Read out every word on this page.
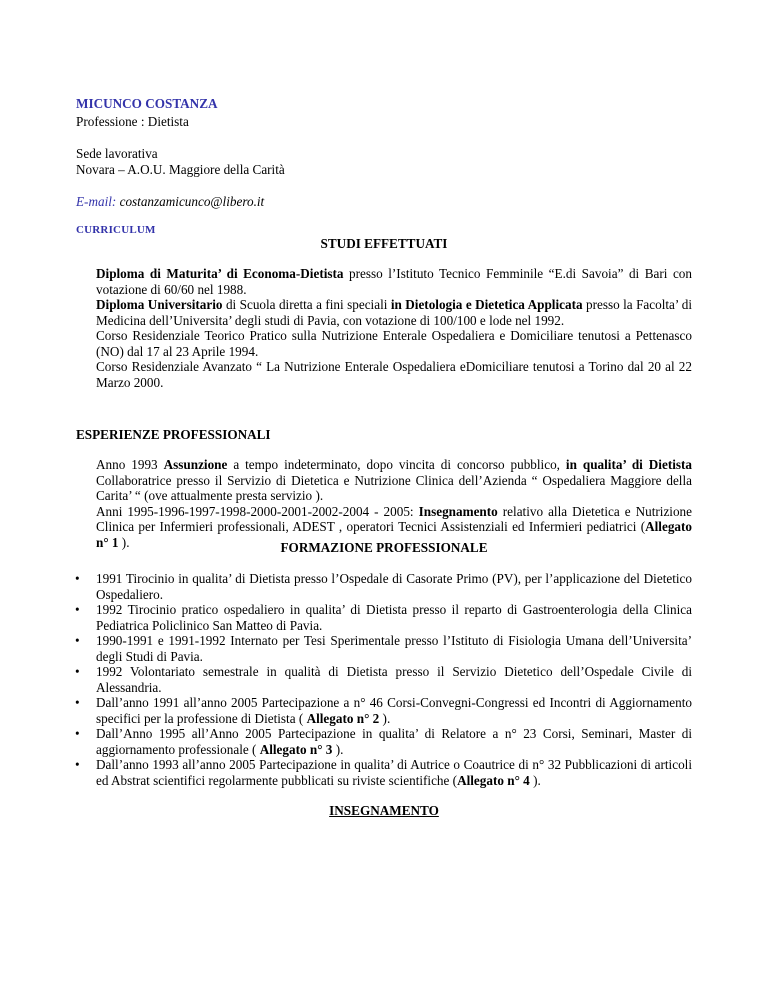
MICUNCO COSTANZA
Professione : Dietista
Sede lavorativa
Novara – A.O.U. Maggiore della Carità
E-mail: costanzamicunco@libero.it
CURRICULUM
STUDI EFFETTUATI

Diploma di Maturita’ di Economa-Dietista presso l’Istituto Tecnico Femminile “E.di Savoia” di Bari con votazione di 60/60 nel 1988.

Diploma Universitario di Scuola diretta a fini speciali in Dietologia e Dietetica Applicata presso la Facolta’ di Medicina dell’Universita’ degli studi di Pavia, con votazione di 100/100 e lode nel 1992.

Corso Residenziale Teorico Pratico sulla Nutrizione Enterale Ospedaliera e Domiciliare tenutosi a Pettenasco (NO) dal 17 al 23 Aprile 1994.

Corso Residenziale Avanzato “ La Nutrizione Enterale Ospedaliera eDomiciliare tenutosi a Torino dal 20 al 22 Marzo 2000.

ESPERIENZE PROFESSIONALI

Anno 1993 Assunzione a tempo indeterminato, dopo vincita di concorso pubblico, in qualita’ di Dietista Collaboratrice presso il Servizio di Dietetica e Nutrizione Clinica dell’Azienda “ Ospedaliera Maggiore della Carita’ “ (ove attualmente presta servizio ).

Anni 1995-1996-1997-1998-2000-2001-2002-2004 - 2005: Insegnamento relativo alla Dietetica e Nutrizione Clinica per Infermieri professionali, ADEST , operatori Tecnici Assistenziali ed Infermieri pediatrici (Allegato n° 1 ).	FORMAZIONE PROFESSIONALE
• 1991 Tirocinio in qualita’ di Dietista presso l’Ospedale di Casorate Primo (PV), per l’applicazione del Dietetico Ospedaliero.
• 1992 Tirocinio pratico ospedaliero in qualita’ di Dietista presso il reparto di Gastroenterologia della Clinica Pediatrica Policlinico San Matteo di Pavia.
• 1990-1991 e 1991-1992 Internato per Tesi Sperimentale presso l’Istituto di Fisiologia Umana dell’Universita’ degli Studi di Pavia.
• 1992 Volontariato semestrale in qualità di Dietista presso il Servizio Dietetico dell’Ospedale Civile di Alessandria.
• Dall’anno 1991 all’anno 2005 Partecipazione a n° 46 Corsi-Convegni-Congressi ed Incontri di Aggiornamento specifici per la professione di Dietista ( Allegato n° 2 ).
• Dall’Anno 1995 all’Anno 2005 Partecipazione in qualita’ di Relatore a n° 23 Corsi, Seminari, Master di aggiornamento professionale ( Allegato n° 3 ).
• Dall’anno 1993 all’anno 2005 Partecipazione in qualita’ di Autrice o Coautrice di n° 32 Pubblicazioni di articoli ed Abstrat scientifici regolarmente pubblicati su riviste scientifiche (Allegato n° 4 ).
INSEGNAMENTO
